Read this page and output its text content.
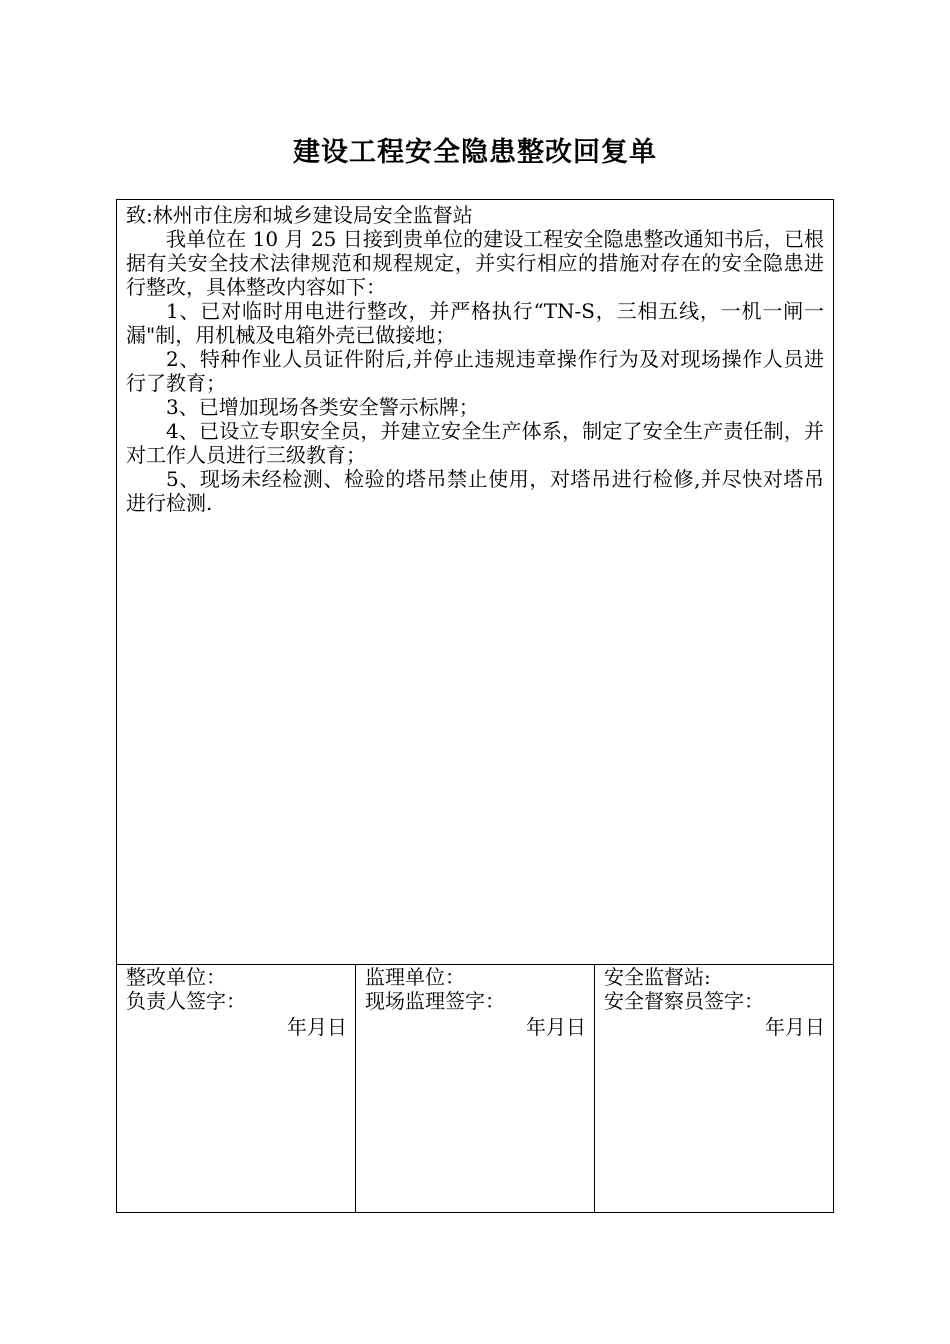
建设工程安全隐患整改回复单

致:林州市住房和城乡建设局安全监督站

我单位在 10 月 25 日接到贵单位的建设工程安全隐患整改通知书后，已根据有关安全技术法律规范和规程规定，并实行相应的措施对存在的安全隐患进行整改，具体整改内容如下：

1、已对临时用电进行整改，并严格执行“TN-S，三相五线，一机一闸一漏"制，用机械及电箱外壳已做接地；

2、特种作业人员证件附后,并停止违规违章操作行为及对现场操作人员进行了教育；

3、已增加现场各类安全警示标牌；

4、已设立专职安全员，并建立安全生产体系，制定了安全生产责任制，并对工作人员进行三级教育；

5、现场未经检测、检验的塔吊禁止使用，对塔吊进行检修,并尽快对塔吊进行检测.

整改单位：
负责人签字：
年月日
监理单位：
现场监理签字：
年月日
安全监督站:
安全督察员签字：
年月日
